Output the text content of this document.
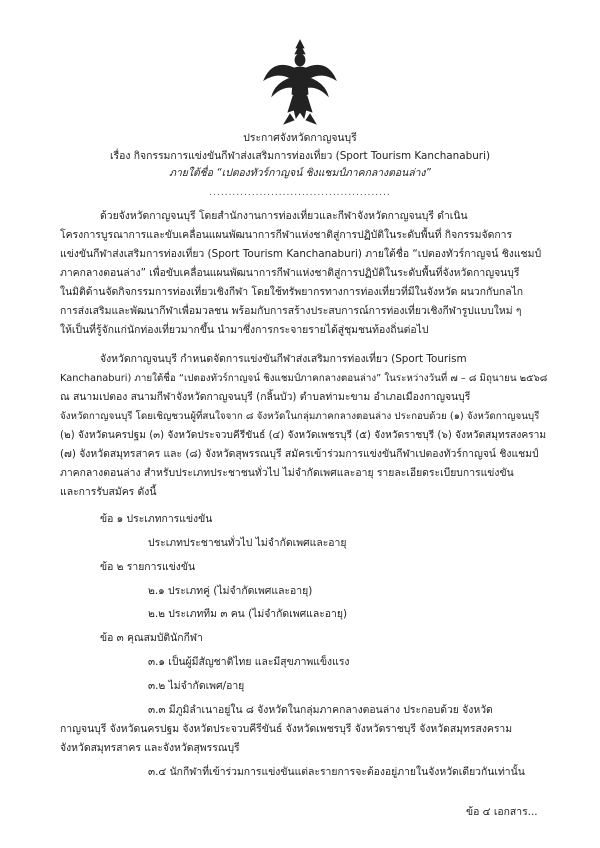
ประกาศจังหวัดกาญจนบุรี
เรื่อง กิจกรรมการแข่งขันกีฬาส่งเสริมการท่องเที่ยว (Sport Tourism Kanchanaburi)
ภายใต้ชื่อ “เปตองทัวร์กาญจน์ ชิงแชมป์ภาคกลางตอนล่าง”
...............................................
ด้วยจังหวัดกาญจนบุรี โดยสำนักงานการท่องเที่ยวและกีฬาจังหวัดกาญจนบุรี ดำเนิน
โครงการบูรณาการและขับเคลื่อนแผนพัฒนาการกีฬาแห่งชาติสู่การปฏิบัติในระดับพื้นที่ กิจกรรมจัดการ
แข่งขันกีฬาส่งเสริมการท่องเที่ยว (Sport Tourism Kanchanaburi) ภายใต้ชื่อ “เปตองทัวร์กาญจน์ ชิงแชมป์
ภาคกลางตอนล่าง” เพื่อขับเคลื่อนแผนพัฒนาการกีฬาแห่งชาติสู่การปฏิบัติในระดับพื้นที่จังหวัดกาญจนบุรี
ในมิติด้านจัดกิจกรรมการท่องเที่ยวเชิงกีฬา โดยใช้ทรัพยากรทางการท่องเที่ยวที่มีในจังหวัด ผนวกกับกลไก
การส่งเสริมและพัฒนากีฬาเพื่อมวลชน พร้อมกับการสร้างประสบการณ์การท่องเที่ยวเชิงกีฬารูปแบบใหม่ ๆ
ให้เป็นที่รู้จักแก่นักท่องเที่ยวมากขึ้น นำมาซึ่งการกระจายรายได้สู่ชุมชนท้องถิ่นต่อไป
จังหวัดกาญจนบุรี กำหนดจัดการแข่งขันกีฬาส่งเสริมการท่องเที่ยว (Sport Tourism
Kanchanaburi) ภายใต้ชื่อ “เปตองทัวร์กาญจน์ ชิงแชมป์ภาคกลางตอนล่าง” ในระหว่างวันที่ ๗ – ๘ มิถุนายน ๒๕๖๘
ณ สนามเปตอง สนามกีฬาจังหวัดกาญจนบุรี (กลิ้นบัว) ตำบลท่ามะขาม อำเภอเมืองกาญจนบุรี
จังหวัดกาญจนบุรี โดยเชิญชวนผู้ที่สนใจจาก ๘ จังหวัดในกลุ่มภาคกลางตอนล่าง ประกอบด้วย (๑) จังหวัดกาญจนบุรี
(๒) จังหวัดนครปฐม (๓) จังหวัดประจวบคีรีขันธ์ (๔) จังหวัดเพชรบุรี (๕) จังหวัดราชบุรี (๖) จังหวัดสมุทรสงคราม
(๗) จังหวัดสมุทรสาคร และ (๘) จังหวัดสุพรรณบุรี สมัครเข้าร่วมการแข่งขันกีฬาเปตองทัวร์กาญจน์ ชิงแชมป์
ภาคกลางตอนล่าง สำหรับประเภทประชาชนทั่วไป ไม่จำกัดเพศและอายุ รายละเอียดระเบียบการแข่งขัน
และการรับสมัคร ดังนี้
ข้อ ๑ ประเภทการแข่งขัน
ประเภทประชาชนทั่วไป ไม่จำกัดเพศและอายุ
ข้อ ๒ รายการแข่งขัน
๒.๑ ประเภทคู่ (ไม่จำกัดเพศและอายุ)
๒.๒ ประเภททีม ๓ คน (ไม่จำกัดเพศและอายุ)
ข้อ ๓ คุณสมบัตินักกีฬา
๓.๑ เป็นผู้มีสัญชาติไทย และมีสุขภาพแข็งแรง
๓.๒ ไม่จำกัดเพศ/อายุ
๓.๓ มีภูมิลำเนาอยู่ใน ๘ จังหวัดในกลุ่มภาคกลางตอนล่าง ประกอบด้วย จังหวัด
กาญจนบุรี จังหวัดนครปฐม จังหวัดประจวบคีรีขันธ์ จังหวัดเพชรบุรี จังหวัดราชบุรี จังหวัดสมุทรสงคราม
จังหวัดสมุทรสาคร และจังหวัดสุพรรณบุรี
๓.๔ นักกีฬาที่เข้าร่วมการแข่งขันแต่ละรายการจะต้องอยู่ภายในจังหวัดเดียวกันเท่านั้น
ข้อ ๔ เอกสาร...
